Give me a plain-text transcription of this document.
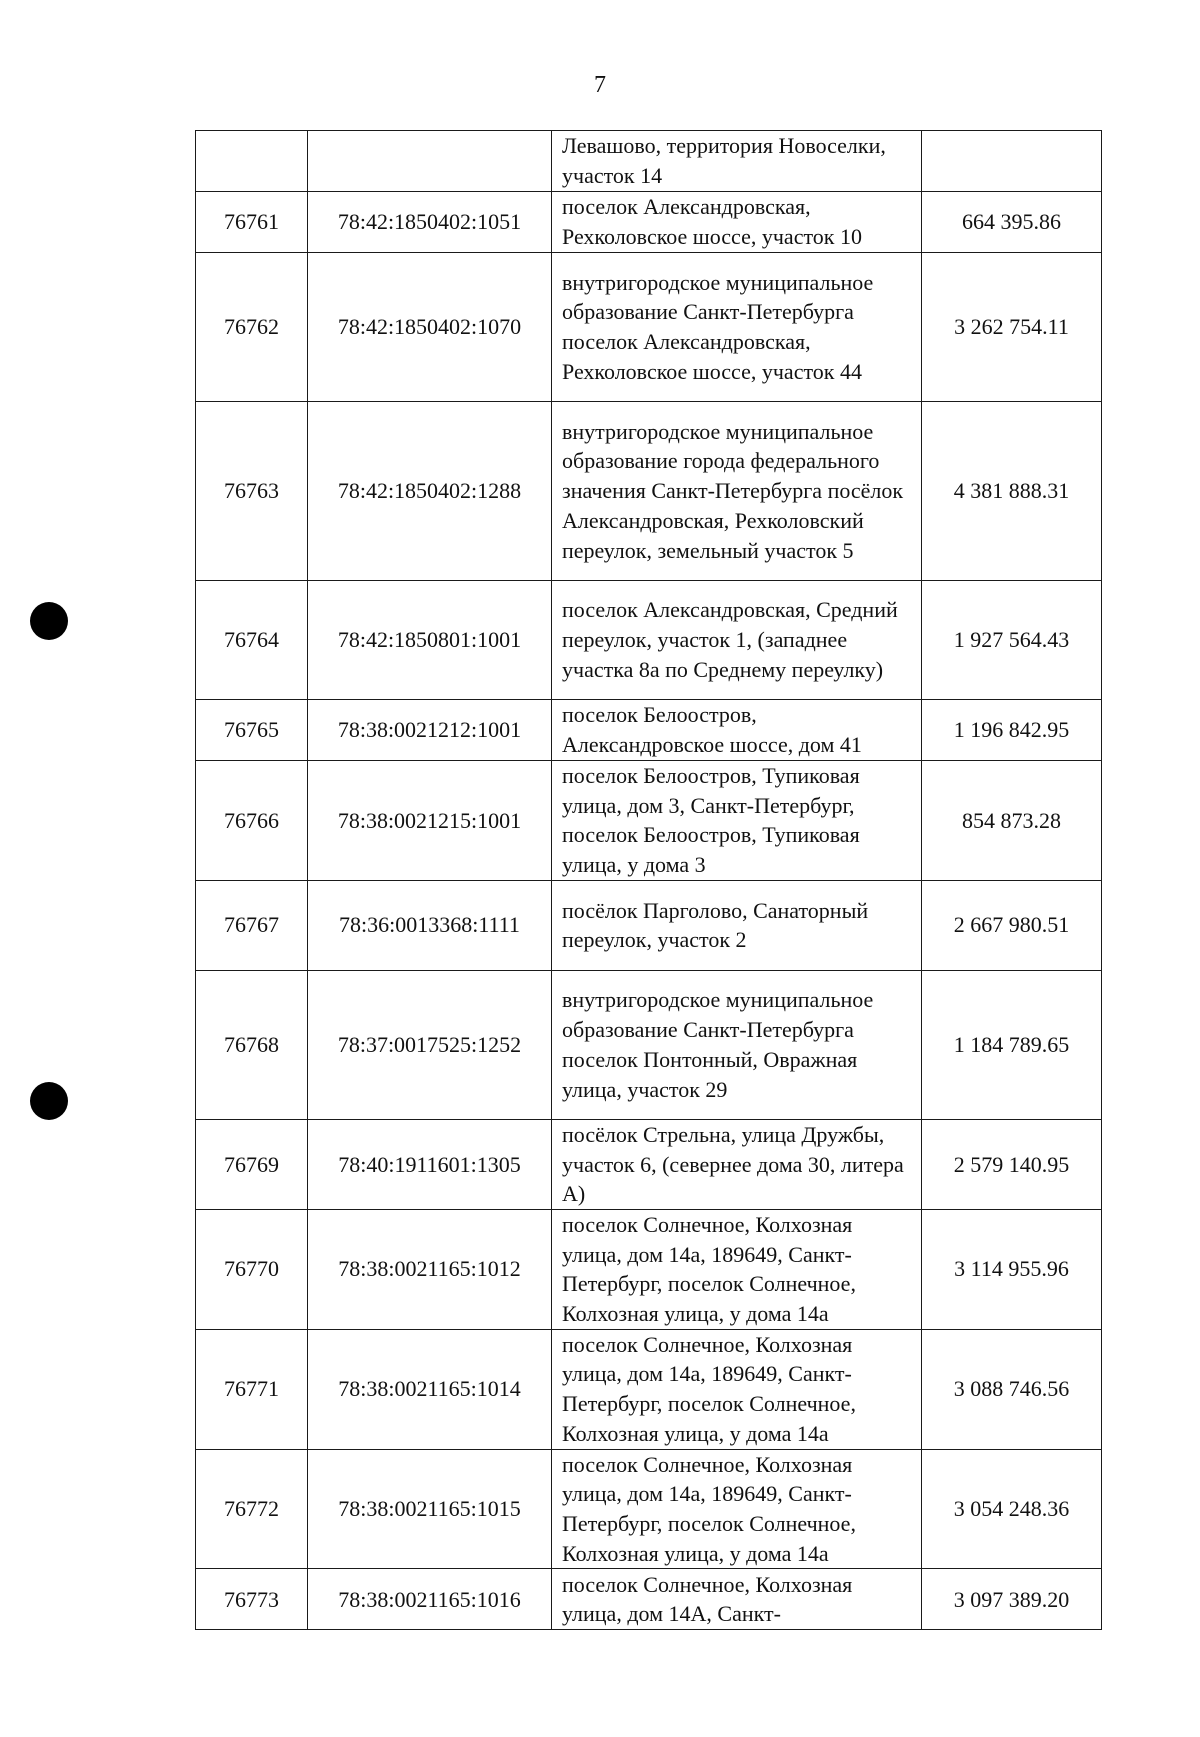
7
		Левашово, территория Новоселки, участок 14	
76761	78:42:1850402:1051	поселок Александровская, Рехколовское шоссе, участок 10	664 395.86
76762	78:42:1850402:1070	внутригородское муниципальное образование Санкт-Петербурга поселок Александровская, Рехколовское шоссе, участок 44	3 262 754.11
76763	78:42:1850402:1288	внутригородское муниципальное образование города федерального значения Санкт-Петербурга посёлок Александровская, Рехколовский переулок, земельный участок 5	4 381 888.31
76764	78:42:1850801:1001	поселок Александровская, Средний переулок, участок 1, (западнее участка 8а по Среднему переулку)	1 927 564.43
76765	78:38:0021212:1001	поселок Белоостров, Александровское шоссе, дом 41	1 196 842.95
76766	78:38:0021215:1001	поселок Белоостров, Тупиковая улица, дом 3, Санкт-Петербург, поселок Белоостров, Тупиковая улица, у дома 3	854 873.28
76767	78:36:0013368:1111	посёлок Парголово, Санаторный переулок, участок 2	2 667 980.51
76768	78:37:0017525:1252	внутригородское муниципальное образование Санкт-Петербурга поселок Понтонный, Овражная улица, участок 29	1 184 789.65
76769	78:40:1911601:1305	посёлок Стрельна, улица Дружбы, участок 6, (севернее дома 30, литера А)	2 579 140.95
76770	78:38:0021165:1012	поселок Солнечное, Колхозная улица, дом 14а, 189649, Санкт-Петербург, поселок Солнечное, Колхозная улица, у дома 14а	3 114 955.96
76771	78:38:0021165:1014	поселок Солнечное, Колхозная улица, дом 14а, 189649, Санкт-Петербург, поселок Солнечное, Колхозная улица, у дома 14а	3 088 746.56
76772	78:38:0021165:1015	поселок Солнечное, Колхозная улица, дом 14а, 189649, Санкт-Петербург, поселок Солнечное, Колхозная улица, у дома 14а	3 054 248.36
76773	78:38:0021165:1016	поселок Солнечное, Колхозная улица, дом 14А, Санкт-	3 097 389.20
